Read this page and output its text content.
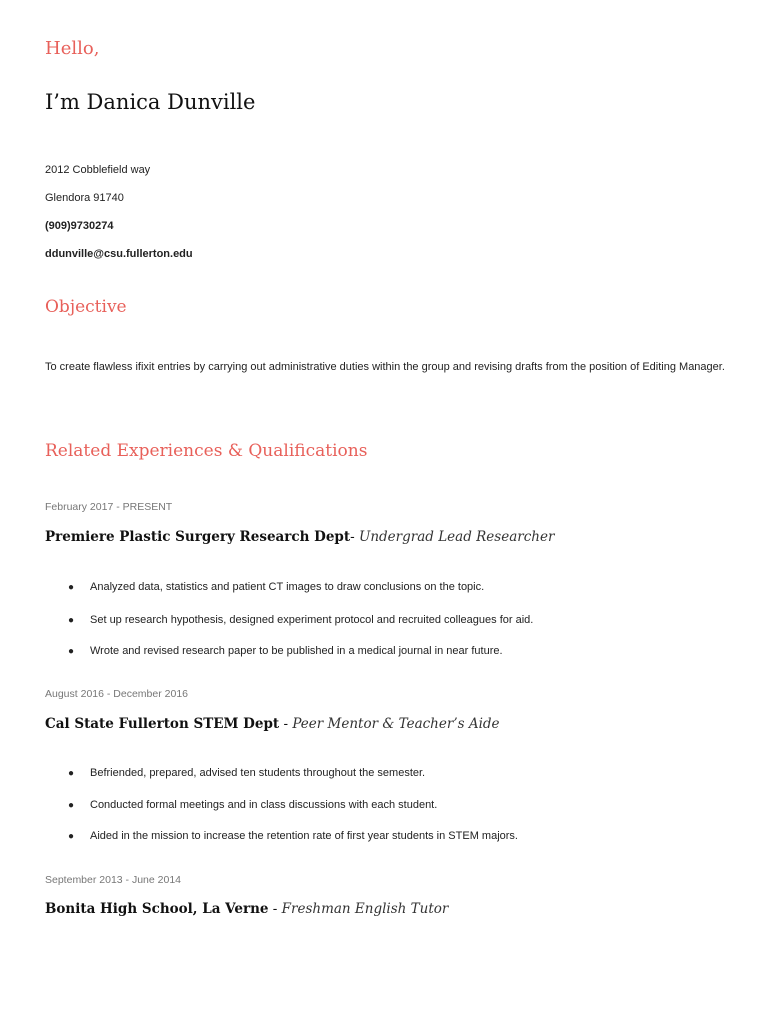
Hello,
I’m Danica Dunville
2012 Cobblefield way
Glendora 91740
(909)9730274
ddunville@csu.fullerton.edu
Objective
To create flawless ifixit entries by carrying out administrative duties within the group and revising drafts from the position of Editing Manager.
Related Experiences & Qualifications
February 2017 - PRESENT
Premiere Plastic Surgery Research Dept- Undergrad Lead Researcher
● Analyzed data, statistics and patient CT images to draw conclusions on the topic.
● Set up research hypothesis, designed experiment protocol and recruited colleagues for aid.
● Wrote and revised research paper to be published in a medical journal in near future.
August 2016 - December 2016
Cal State Fullerton STEM Dept - Peer Mentor & Teacher’s Aide
● Befriended, prepared, advised ten students throughout the semester.
● Conducted formal meetings and in class discussions with each student.
● Aided in the mission to increase the retention rate of first year students in STEM majors.
September 2013 - June 2014
Bonita High School, La Verne - Freshman English Tutor
